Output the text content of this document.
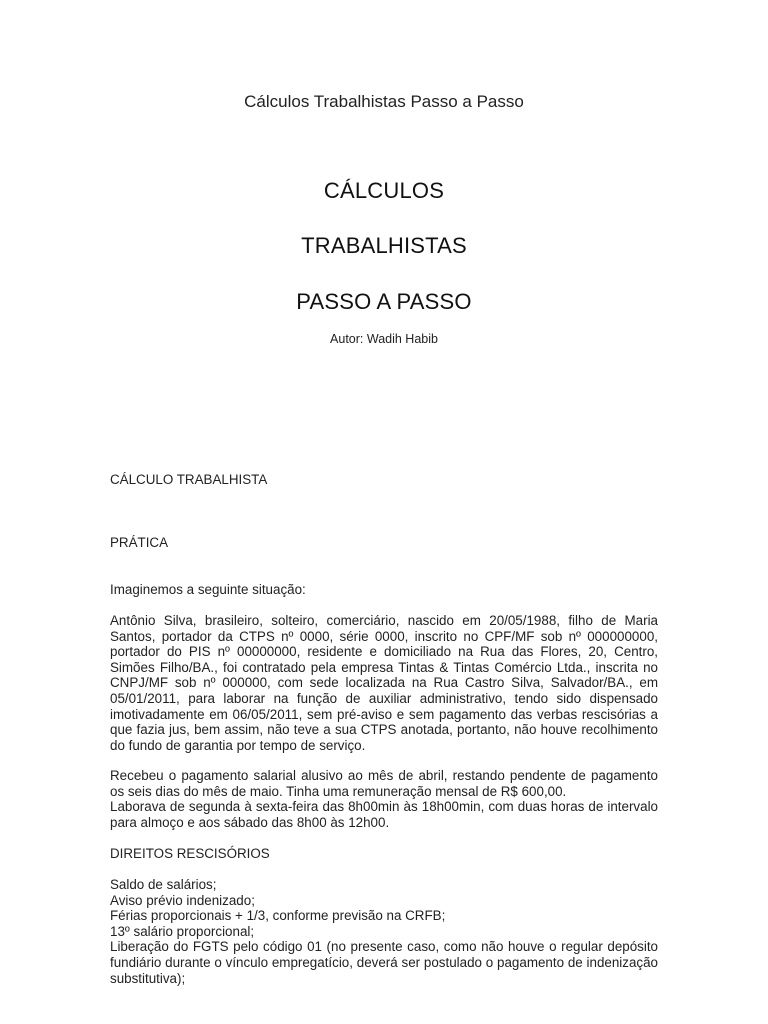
Cálculos Trabalhistas Passo a Passo
CÁLCULOS
TRABALHISTAS
PASSO A PASSO
Autor: Wadih Habib
CÁLCULO TRABALHISTA
PRÁTICA
Imaginemos a seguinte situação:
Antônio Silva, brasileiro, solteiro, comerciário, nascido em 20/05/1988, filho de Maria Santos, portador da CTPS nº 0000, série 0000, inscrito no CPF/MF sob nº 000000000, portador do PIS nº 00000000, residente e domiciliado na Rua das Flores, 20, Centro, Simões Filho/BA., foi contratado pela empresa Tintas & Tintas Comércio Ltda., inscrita no CNPJ/MF sob nº 000000, com sede localizada na Rua Castro Silva, Salvador/BA., em 05/01/2011, para laborar na função de auxiliar administrativo, tendo sido dispensado imotivadamente em 06/05/2011, sem pré-aviso e sem pagamento das verbas rescisórias a que fazia jus, bem assim, não teve a sua CTPS anotada, portanto, não houve recolhimento do fundo de garantia por tempo de serviço.
Recebeu o pagamento salarial alusivo ao mês de abril, restando pendente de pagamento os seis dias do mês de maio. Tinha uma remuneração mensal de R$ 600,00.
Laborava de segunda à sexta-feira das 8h00min às 18h00min, com duas horas de intervalo para almoço e aos sábado das 8h00 às 12h00.
DIREITOS RESCISÓRIOS
Saldo de salários;
Aviso prévio indenizado;
Férias proporcionais + 1/3, conforme previsão na CRFB;
13º salário proporcional;
Liberação do FGTS pelo código 01 (no presente caso, como não houve o regular depósito fundiário durante o vínculo empregatício, deverá ser postulado o pagamento de indenização substitutiva);
